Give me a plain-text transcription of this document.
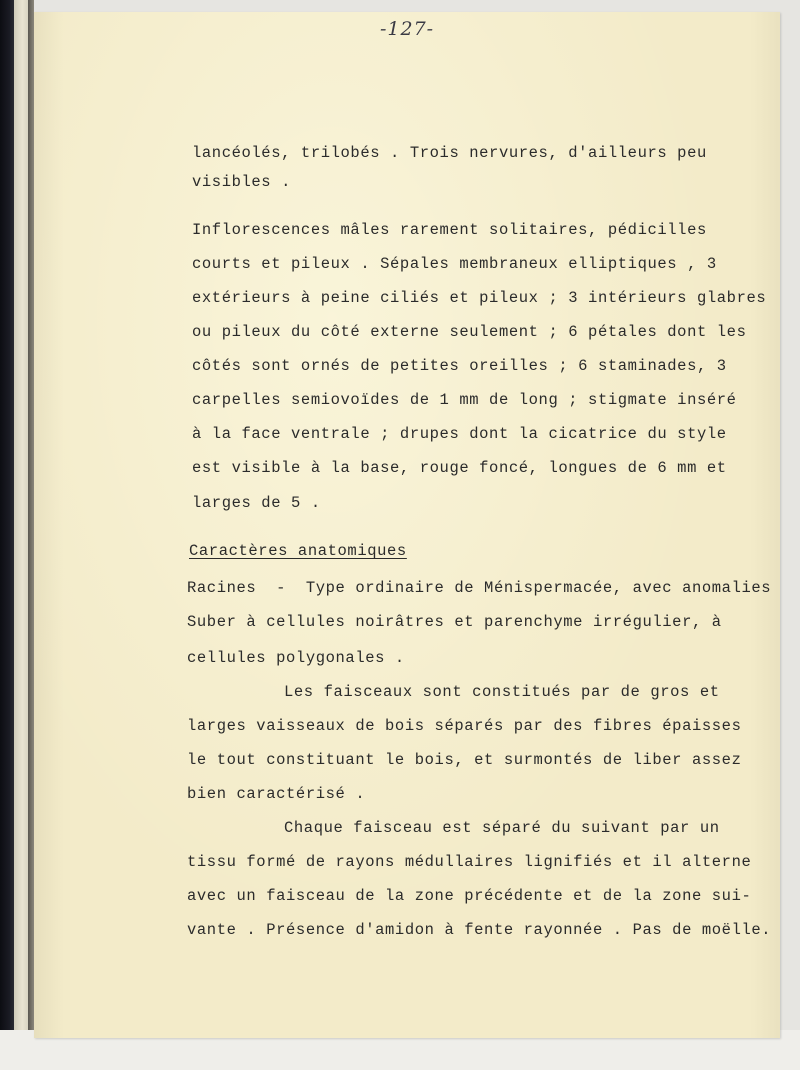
-127-
lancéolés, trilobés . Trois nervures, d'ailleurs peu
visibles .
Inflorescences mâles rarement solitaires, pédicilles
courts et pileux . Sépales membraneux elliptiques , 3
extérieurs à peine ciliés et pileux ; 3 intérieurs glabres
ou pileux du côté externe seulement ; 6 pétales dont les
côtés sont ornés de petites oreilles ; 6 staminades, 3
carpelles semiovoïdes de 1 mm de long ; stigmate inséré
à la face ventrale ; drupes dont la cicatrice du style
est visible à la base, rouge foncé, longues de 6 mm et
larges de 5 .
Caractères anatomiques
Racines  -  Type ordinaire de Ménispermacée, avec anomalies
Suber à cellules noirâtres et parenchyme irrégulier, à
cellules polygonales .
Les faisceaux sont constitués par de gros et
larges vaisseaux de bois séparés par des fibres épaisses
le tout constituant le bois, et surmontés de liber assez
bien caractérisé .
Chaque faisceau est séparé du suivant par un
tissu formé de rayons médullaires lignifiés et il alterne
avec un faisceau de la zone précédente et de la zone sui-
vante . Présence d'amidon à fente rayonnée . Pas de moëlle.
